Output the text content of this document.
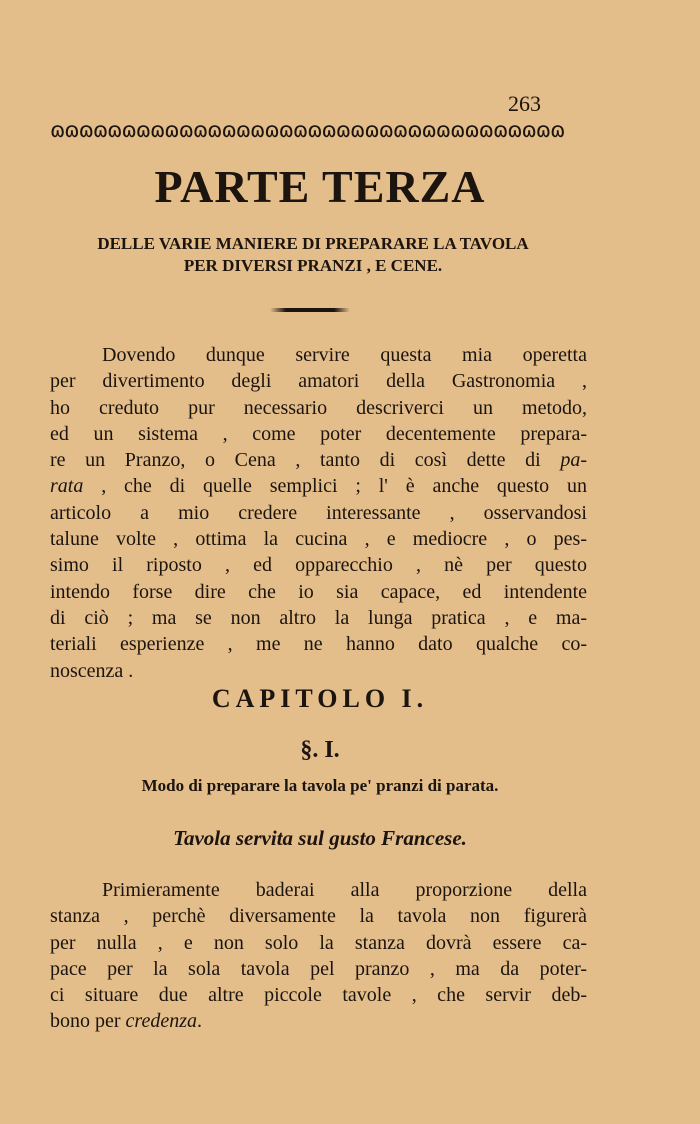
263
ɷɷɷɷɷɷɷɷɷɷɷɷɷɷɷɷɷɷɷɷɷɷɷɷɷɷɷɷɷɷɷɷɷɷɷɷ
PARTE TERZA
DELLE VARIE MANIERE DI PREPARARE LA TAVOLA
PER DIVERSI PRANZI , E CENE.
Dovendo dunque servire questa mia operetta
per divertimento degli amatori della Gastronomia ,
ho creduto pur necessario descriverci un metodo,
ed un sistema , come poter decentemente prepara-
re un Pranzo, o Cena , tanto di così dette di pa-
rata , che di quelle semplici ; l' è anche questo un
articolo a mio credere interessante , osservandosi
talune volte , ottima la cucina , e mediocre , o pes-
simo il riposto , ed opparecchio , nè per questo
intendo forse dire che io sia capace, ed intendente
di ciò ; ma se non altro la lunga pratica , e ma-
teriali esperienze , me ne hanno dato qualche co-
noscenza .
CAPITOLO I.
§. I.
Modo di preparare la tavola pe' pranzi di parata.
Tavola servita sul gusto Francese.
Primieramente baderai alla proporzione della
stanza , perchè diversamente la tavola non figurerà
per nulla , e non solo la stanza dovrà essere ca-
pace per la sola tavola pel pranzo , ma da poter-
ci situare due altre piccole tavole , che servir deb-
bono per credenza.
